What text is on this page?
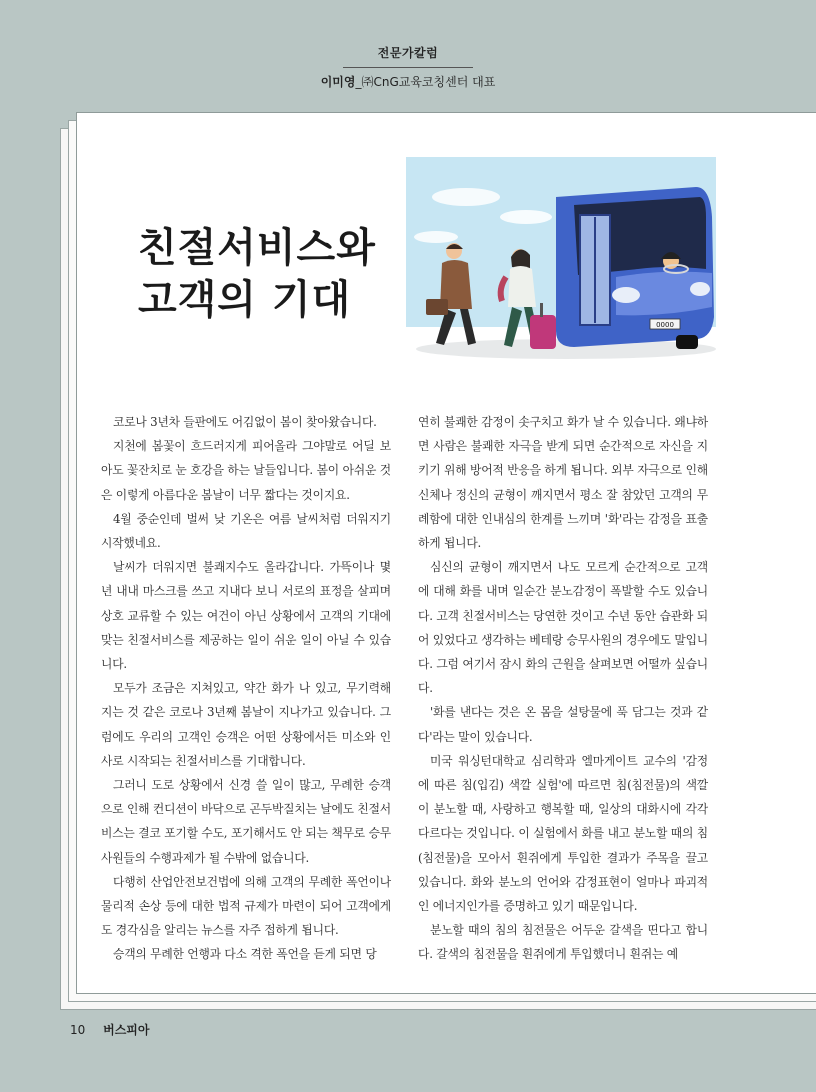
전문가칼럼
이미영_㈜CnG교육코칭센터 대표
친절서비스와
고객의 기대
0000

코로나 3년차 들판에도 어김없이 봄이 찾아왔습니다.

지천에 봄꽃이 흐드러지게 피어올라 그야말로 어딜 보아도 꽃잔치로 눈 호강을 하는 날들입니다. 봄이 아쉬운 것은 이렇게 아름다운 봄날이 너무 짧다는 것이지요.

4월 중순인데 벌써 낮 기온은 여름 날씨처럼 더워지기 시작했네요.

날씨가 더워지면 불쾌지수도 올라갑니다. 가뜩이나 몇년 내내 마스크를 쓰고 지내다 보니 서로의 표정을 살피며 상호 교류할 수 있는 여건이 아닌 상황에서 고객의 기대에 맞는 친절서비스를 제공하는 일이 쉬운 일이 아닐 수 있습니다.

모두가 조금은 지쳐있고, 약간 화가 나 있고, 무기력해지는 것 같은 코로나 3년째 봄날이 지나가고 있습니다. 그럼에도 우리의 고객인 승객은 어떤 상황에서든 미소와 인사로 시작되는 친절서비스를 기대합니다.

그러니 도로 상황에서 신경 쓸 일이 많고, 무례한 승객으로 인해 컨디션이 바닥으로 곤두박질치는 날에도 친절서비스는 결코 포기할 수도, 포기해서도 안 되는 책무로 승무사원들의 수행과제가 될 수밖에 없습니다.

다행히 산업안전보건법에 의해 고객의 무례한 폭언이나 물리적 손상 등에 대한 법적 규제가 마련이 되어 고객에게도 경각심을 알리는 뉴스를 자주 접하게 됩니다.

승객의 무례한 언행과 다소 격한 폭언을 듣게 되면 당

연히 불쾌한 감정이 솟구치고 화가 날 수 있습니다. 왜냐하면 사람은 불쾌한 자극을 받게 되면 순간적으로 자신을 지키기 위해 방어적 반응을 하게 됩니다. 외부 자극으로 인해 신체나 정신의 균형이 깨지면서 평소 잘 참았던 고객의 무례함에 대한 인내심의 한계를 느끼며 '화'라는 감정을 표출하게 됩니다.

심신의 균형이 깨지면서 나도 모르게 순간적으로 고객에 대해 화를 내며 일순간 분노감정이 폭발할 수도 있습니다. 고객 친절서비스는 당연한 것이고 수년 동안 습관화 되어 있었다고 생각하는 베테랑 승무사원의 경우에도 말입니다. 그럼 여기서 잠시 화의 근원을 살펴보면 어떨까 싶습니다.

'화를 낸다는 것은 온 몸을 설탕물에 푹 담그는 것과 같다'라는 말이 있습니다.

미국 워싱턴대학교 심리학과 엘마게이트 교수의 '감정에 따른 침(입김) 색깔 실험'에 따르면 침(침전물)의 색깔이 분노할 때, 사랑하고 행복할 때, 일상의 대화시에 각각 다르다는 것입니다. 이 실험에서 화를 내고 분노할 때의 침(침전물)을 모아서 흰쥐에게 투입한 결과가 주목을 끌고 있습니다. 화와 분노의 언어와 감정표현이 얼마나 파괴적인 에너지인가를 증명하고 있기 때문입니다.

분노할 때의 침의 침전물은 어두운 갈색을 띤다고 합니다. 갈색의 침전물을 흰쥐에게 투입했더니 흰쥐는 예

10 버스피아
